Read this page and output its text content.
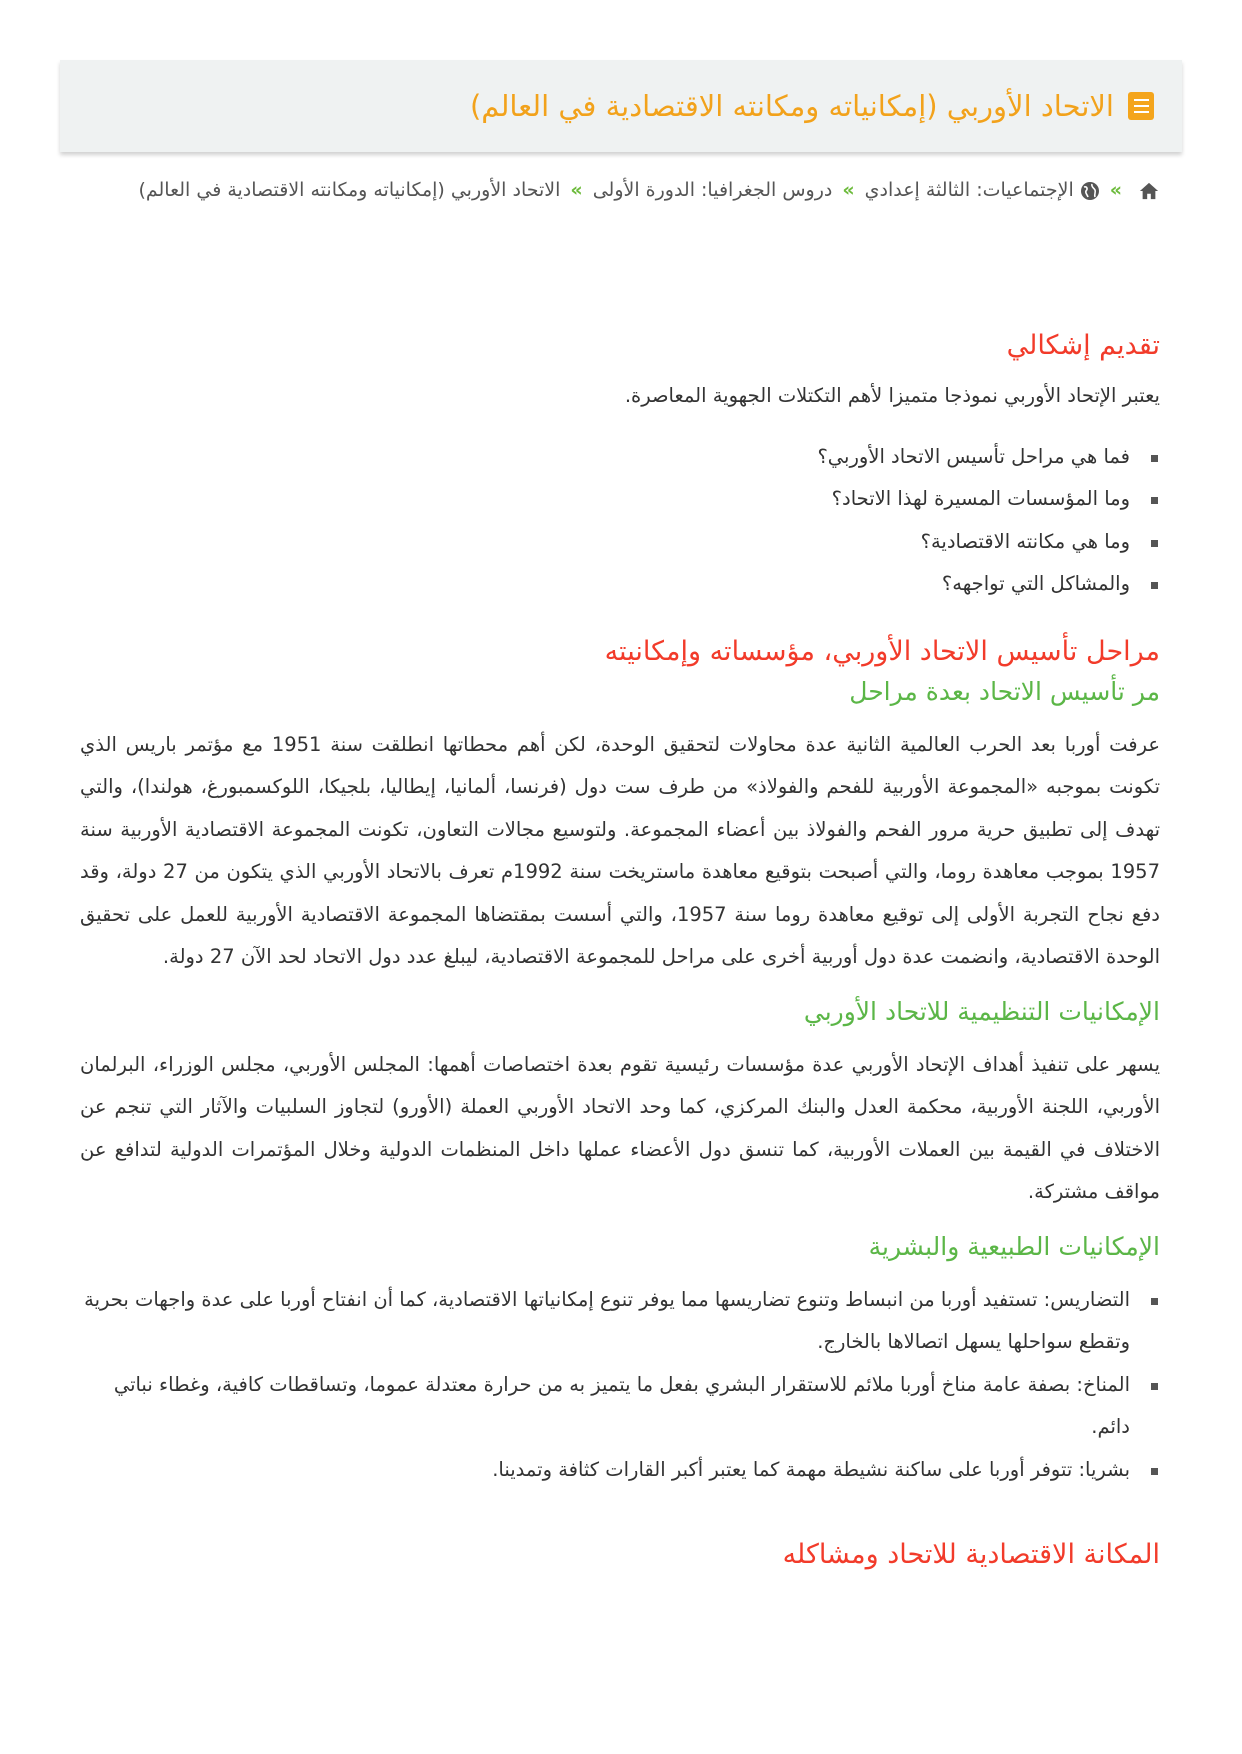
الاتحاد الأوربي (إمكانياته ومكانته الاقتصادية في العالم)
»الإجتماعيات: الثالثة إعدادي»دروس الجغرافيا: الدورة الأولى»الاتحاد الأوربي (إمكانياته ومكانته الاقتصادية في العالم)
تقديم إشكالي

يعتبر الإتحاد الأوربي نموذجا متميزا لأهم التكتلات الجهوية المعاصرة.

فما هي مراحل تأسيس الاتحاد الأوربي؟
وما المؤسسات المسيرة لهذا الاتحاد؟
وما هي مكانته الاقتصادية؟
والمشاكل التي تواجهه؟
مراحل تأسيس الاتحاد الأوربي، مؤسساته وإمكانيته
مر تأسيس الاتحاد بعدة مراحل

عرفت أوربا بعد الحرب العالمية الثانية عدة محاولات لتحقيق الوحدة، لكن أهم محطاتها انطلقت سنة 1951 مع مؤتمر باريس الذي تكونت بموجبه «المجموعة الأوربية للفحم والفولاذ» من طرف ست دول (فرنسا، ألمانيا، إيطاليا، بلجيكا، اللوكسمبورغ، هولندا)، والتي تهدف إلى تطبيق حرية مرور الفحم والفولاذ بين أعضاء المجموعة. ولتوسيع مجالات التعاون، تكونت المجموعة الاقتصادية الأوربية سنة 1957 بموجب معاهدة روما، والتي أصبحت بتوقيع معاهدة ماستريخت سنة 1992م تعرف بالاتحاد الأوربي الذي يتكون من 27 دولة، وقد دفع نجاح التجربة الأولى إلى توقيع معاهدة روما سنة 1957، والتي أسست بمقتضاها المجموعة الاقتصادية الأوربية للعمل على تحقيق الوحدة الاقتصادية، وانضمت عدة دول أوربية أخرى على مراحل للمجموعة الاقتصادية، ليبلغ عدد دول الاتحاد لحد الآن 27 دولة.

الإمكانيات التنظيمية للاتحاد الأوربي

يسهر على تنفيذ أهداف الإتحاد الأوربي عدة مؤسسات رئيسية تقوم بعدة اختصاصات أهمها: المجلس الأوربي، مجلس الوزراء، البرلمان الأوربي، اللجنة الأوربية، محكمة العدل والبنك المركزي، كما وحد الاتحاد الأوربي العملة (الأورو) لتجاوز السلبيات والآثار التي تنجم عن الاختلاف في القيمة بين العملات الأوربية، كما تنسق دول الأعضاء عملها داخل المنظمات الدولية وخلال المؤتمرات الدولية لتدافع عن مواقف مشتركة.

الإمكانيات الطبيعية والبشرية
التضاريس: تستفيد أوربا من انبساط وتنوع تضاريسها مما يوفر تنوع إمكانياتها الاقتصادية، كما أن انفتاح أوربا على عدة واجهات بحرية وتقطع سواحلها يسهل اتصالاها بالخارج.
المناخ: بصفة عامة مناخ أوربا ملائم للاستقرار البشري بفعل ما يتميز به من حرارة معتدلة عموما، وتساقطات كافية، وغطاء نباتي دائم.
بشريا: تتوفر أوربا على ساكنة نشيطة مهمة كما يعتبر أكبر القارات كثافة وتمدينا.
المكانة الاقتصادية للاتحاد ومشاكله
